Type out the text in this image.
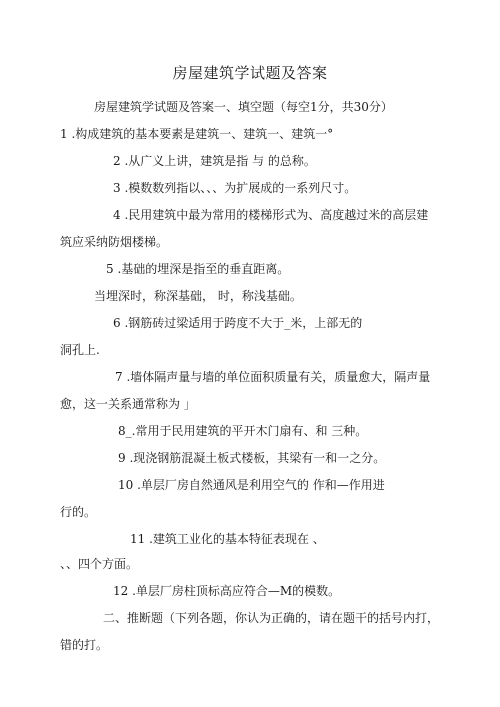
房屋建筑学试题及答案
房屋建筑学试题及答案一、填空题（每空1分，共30分）
1 .构成建筑的基本要素是建筑一、建筑一、建筑一°
2 .从广义上讲，建筑是指 与 的总称。
3 .模数数列指以、、、为扩展成的一系列尺寸。
4 .民用建筑中最为常用的楼梯形式为、高度越过米的高层建
筑应采纳防烟楼梯。
5 .基础的埋深是指至的垂直距离。
当埋深时，称深基础， 时，称浅基础。
6 .钢筋砖过梁适用于跨度不大于_米，上部无的
洞孔上.
7 .墙体隔声量与墙的单位面积质量有关，质量愈大，隔声量
愈，这一关系通常称为 」
8_.常用于民用建筑的平开木门扇有、和 三种。
9 .现浇钢筋混凝土板式楼板，其梁有一和一之分。
10 .单层厂房自然通风是利用空气的 作和—作用进
行的。
11 .建筑工业化的基本特征表现在 、
、、四个方面。
12 .单层厂房柱顶标高应符合—M的模数。
二、推断题（下列各题，你认为正确的，请在题干的括号内打，
错的打。
